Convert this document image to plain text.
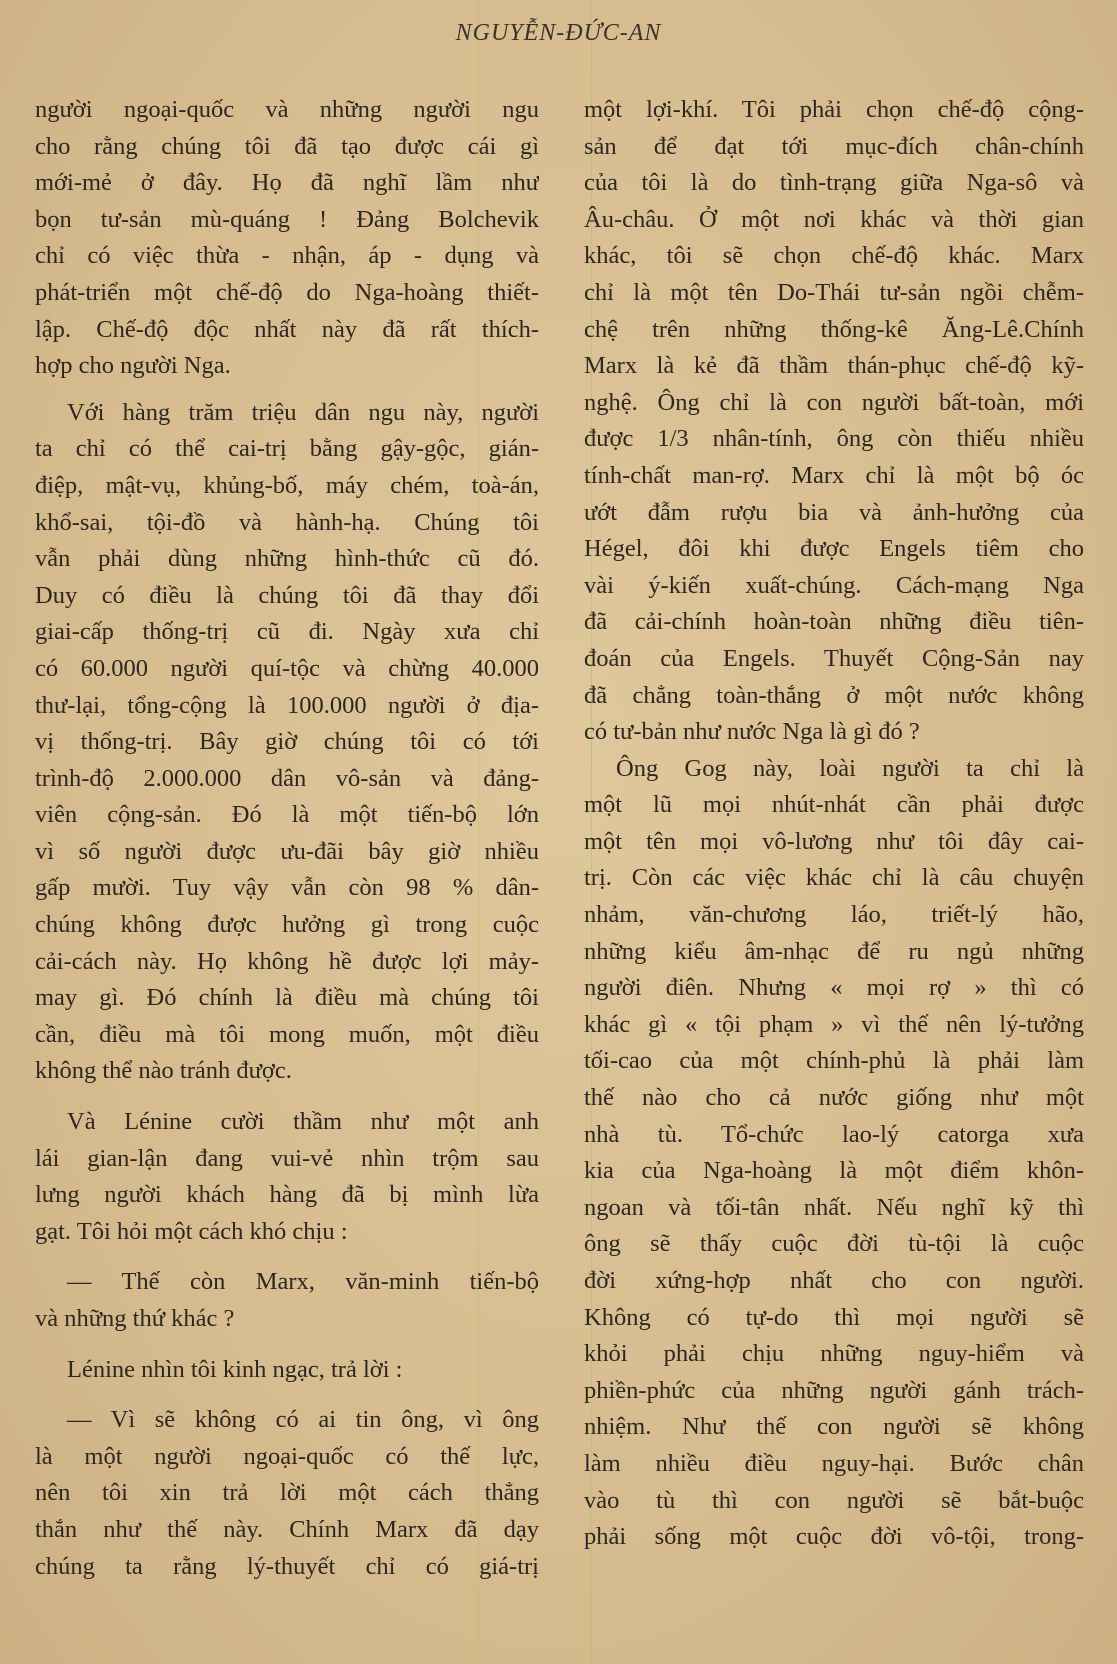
NGUYỄN-ĐỨC-AN
người ngoại-quốc và những người ngu
cho rằng chúng tôi đã tạo được cái gì
mới-mẻ ở đây. Họ đã nghĩ lầm như
bọn tư-sản mù-quáng ! Đảng Bolchevik
chỉ có việc thừa - nhận, áp - dụng và
phát-triển một chế-độ do Nga-hoàng thiết-
lập. Chế-độ độc nhất này đã rất thích-
hợp cho người Nga.
Với hàng trăm triệu dân ngu này, người
ta chỉ có thể cai-trị bằng gậy-gộc, gián-
điệp, mật-vụ, khủng-bố, máy chém, toà-án,
khổ-sai, tội-đồ và hành-hạ. Chúng tôi
vẫn phải dùng những hình-thức cũ đó.
Duy có điều là chúng tôi đã thay đổi
giai-cấp thống-trị cũ đi. Ngày xưa chỉ
có 60.000 người quí-tộc và chừng 40.000
thư-lại, tổng-cộng là 100.000 người ở địa-
vị thống-trị. Bây giờ chúng tôi có tới
trình-độ 2.000.000 dân vô-sản và đảng-
viên cộng-sản. Đó là một tiến-bộ lớn
vì số người được ưu-đãi bây giờ nhiều
gấp mười. Tuy vậy vẫn còn 98 % dân-
chúng không được hưởng gì trong cuộc
cải-cách này. Họ không hề được lợi mảy-
may gì. Đó chính là điều mà chúng tôi
cần, điều mà tôi mong muốn, một điều
không thể nào tránh được.
Và Lénine cười thầm như một anh
lái gian-lận đang vui-vẻ nhìn trộm sau
lưng người khách hàng đã bị mình lừa
gạt. Tôi hỏi một cách khó chịu :
— Thế còn Marx, văn-minh tiến-bộ
và những thứ khác ?
Lénine nhìn tôi kinh ngạc, trả lời :
— Vì sẽ không có ai tin ông, vì ông
là một người ngoại-quốc có thế lực,
nên tôi xin trả lời một cách thẳng
thắn như thế này. Chính Marx đã dạy
chúng ta rằng lý-thuyết chỉ có giá-trị
một lợi-khí. Tôi phải chọn chế-độ cộng-
sản để đạt tới mục-đích chân-chính
của tôi là do tình-trạng giữa Nga-sô và
Âu-châu. Ở một nơi khác và thời gian
khác, tôi sẽ chọn chế-độ khác. Marx
chỉ là một tên Do-Thái tư-sản ngồi chễm-
chệ trên những thống-kê Ăng-Lê.Chính
Marx là kẻ đã thầm thán-phục chế-độ kỹ-
nghệ. Ông chỉ là con người bất-toàn, mới
được 1/3 nhân-tính, ông còn thiếu nhiều
tính-chất man-rợ. Marx chỉ là một bộ óc
ướt đẫm rượu bia và ảnh-hưởng của
Hégel, đôi khi được Engels tiêm cho
vài ý-kiến xuất-chúng. Cách-mạng Nga
đã cải-chính hoàn-toàn những điều tiên-
đoán của Engels. Thuyết Cộng-Sản nay
đã chẳng toàn-thắng ở một nước không
có tư-bản như nước Nga là gì đó ?
Ông Gog này, loài người ta chỉ là
một lũ mọi nhút-nhát cần phải được
một tên mọi vô-lương như tôi đây cai-
trị. Còn các việc khác chỉ là câu chuyện
nhảm, văn-chương láo, triết-lý hão,
những kiểu âm-nhạc để ru ngủ những
người điên. Nhưng « mọi rợ » thì có
khác gì « tội phạm » vì thế nên lý-tưởng
tối-cao của một chính-phủ là phải làm
thế nào cho cả nước giống như một
nhà tù. Tổ-chức lao-lý catorga xưa
kia của Nga-hoàng là một điểm khôn-
ngoan và tối-tân nhất. Nếu nghĩ kỹ thì
ông sẽ thấy cuộc đời tù-tội là cuộc
đời xứng-hợp nhất cho con người.
Không có tự-do thì mọi người sẽ
khỏi phải chịu những nguy-hiểm và
phiền-phức của những người gánh trách-
nhiệm. Như thế con người sẽ không
làm nhiều điều nguy-hại. Bước chân
vào tù thì con người sẽ bắt-buộc
phải sống một cuộc đời vô-tội, trong-
